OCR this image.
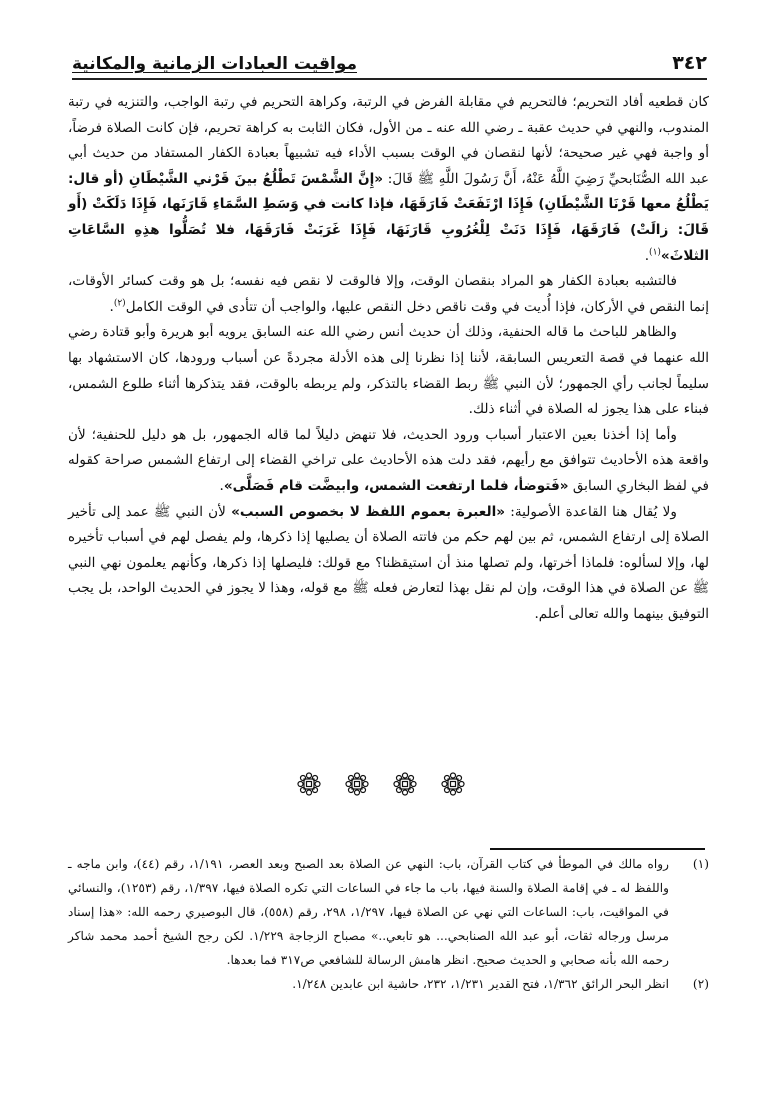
مواقيت العبادات الزمانية والمكانية	٣٤٢

كان قطعيه أفاد التحريم؛ فالتحريم في مقابلة الفرض في الرتبة، وكراهة التحريم في رتبة الواجب، والتنزيه في رتبة المندوب، والنهي في حديث عقبة ـ رضي الله عنه ـ من الأول، فكان الثابت به كراهة تحريم، فإن كانت الصلاة فرضاً، أو واجبة فهي غير صحيحة؛ لأنها لنقصان في الوقت بسبب الأداء فيه تشبيهاً بعبادة الكفار المستفاد من حديث أبي عبد الله الصُّنَابحيِّ رَضِيَ اللَّهُ عَنْهُ، أَنَّ رَسُولَ اللَّهِ ﷺ قَالَ: «إِنَّ الشَّمْسَ تَطْلُعُ بينَ قَرْني الشَّيْطَانِ (أو قال: يَطْلُعُ معها قَرْنَا الشَّيْطَانِ) فَإِذَا ارْتَفَعَتْ فَارَقَهَا، فإذا كانت في وَسَطِ السَّمَاءِ قَارَنَها، فَإِذَا دَلَكَتْ (أَو قَالَ: زالَتْ) فَارَقَهَا، فَإِذَا دَنَتْ لِلْغُرُوبِ قَارَنَهَا، فَإِذَا غَرَبَتْ فَارَقَهَا، فلا تُصَلُّوا هذِهِ السَّاعَاتِ الثلاثَ»$^{(١)}$.

فالتشبه بعبادة الكفار هو المراد بنقصان الوقت، وإلا فالوقت لا نقص فيه نفسه؛ بل هو وقت كسائر الأوقات، إنما النقص في الأركان، فإذا أُديت في وقت ناقص دخل النقص عليها، والواجب أن تتأدى في الوقت الكامل$^{(٢)}$.

والظاهر للباحث ما قاله الحنفية، وذلك أن حديث أنس رضي الله عنه السابق يرويه أبو هريرة وأبو قتادة رضي الله عنهما في قصة التعريس السابقة، لأننا إذا نظرنا إلى هذه الأدلة مجردةً عن أسباب ورودها، كان الاستشهاد بها سليماً لجانب رأي الجمهور؛ لأن النبي ﷺ ربط القضاء بالتذكر، ولم يربطه بالوقت، فقد يتذكرها أثناء طلوع الشمس، فبناء على هذا يجوز له الصلاة في أثناء ذلك.

وأما إذا أخذنا بعين الاعتبار أسباب ورود الحديث، فلا تنهض دليلاً لما قاله الجمهور، بل هو دليل للحنفية؛ لأن واقعة هذه الأحاديث تتوافق مع رأيهم، فقد دلت هذه الأحاديث على تراخي القضاء إلى ارتفاع الشمس صراحة كقوله في لفظ البخاري السابق «فَتوضأ، فلما ارتفعت الشمس، وابيضَّت قام فَصَلَّى».

ولا يُقال هنا القاعدة الأصولية: «العبرة بعموم اللفظ لا بخصوص السبب» لأن النبي ﷺ عمد إلى تأخير الصلاة إلى ارتفاع الشمس، ثم بين لهم حكم من فاتته الصلاة أن يصليها إذا ذكرها، ولم يفصل لهم في أسباب تأخيره لها، وإلا لسألوه: فلماذا أخرتها، ولم تصلها منذ أن استيقظنا؟ مع قولك: فليصلها إذا ذكرها، وكأنهم يعلمون نهي النبي ﷺ عن الصلاة في هذا الوقت، وإن لم نقل بهذا لتعارض فعله ﷺ مع قوله، وهذا لا يجوز في الحديث الواحد، بل يجب التوفيق بينهما والله تعالى أعلم.

(١)
رواه مالك في الموطأ في كتاب القرآن، باب: النهي عن الصلاة بعد الصبح وبعد العصر، ١/١٩١، رقم (٤٤)، وابن ماجه ـ واللفظ له ـ في إقامة الصلاة والسنة فيها، باب ما جاء في الساعات التي تكره الصلاة فيها، ١/٣٩٧، رقم (١٢٥٣)، والنسائي في المواقيت، باب: الساعات التي نهي عن الصلاة فيها، ١/٢٩٧، ٢٩٨، رقم (٥٥٨)، قال البوصيري رحمه الله: «هذا إسناد مرسل ورجاله ثقات، أبو عبد الله الصنابحي... هو تابعي..» مصباح الزجاجة ١/٢٢٩. لكن رجح الشيخ أحمد محمد شاكر رحمه الله بأنه صحابي و الحديث صحيح. انظر هامش الرسالة للشافعي ص٣١٧ فما بعدها.
(٢)
انظر البحر الرائق ١/٣٦٢، فتح القدير ١/٢٣١، ٢٣٢، حاشية ابن عابدين ١/٢٤٨.
